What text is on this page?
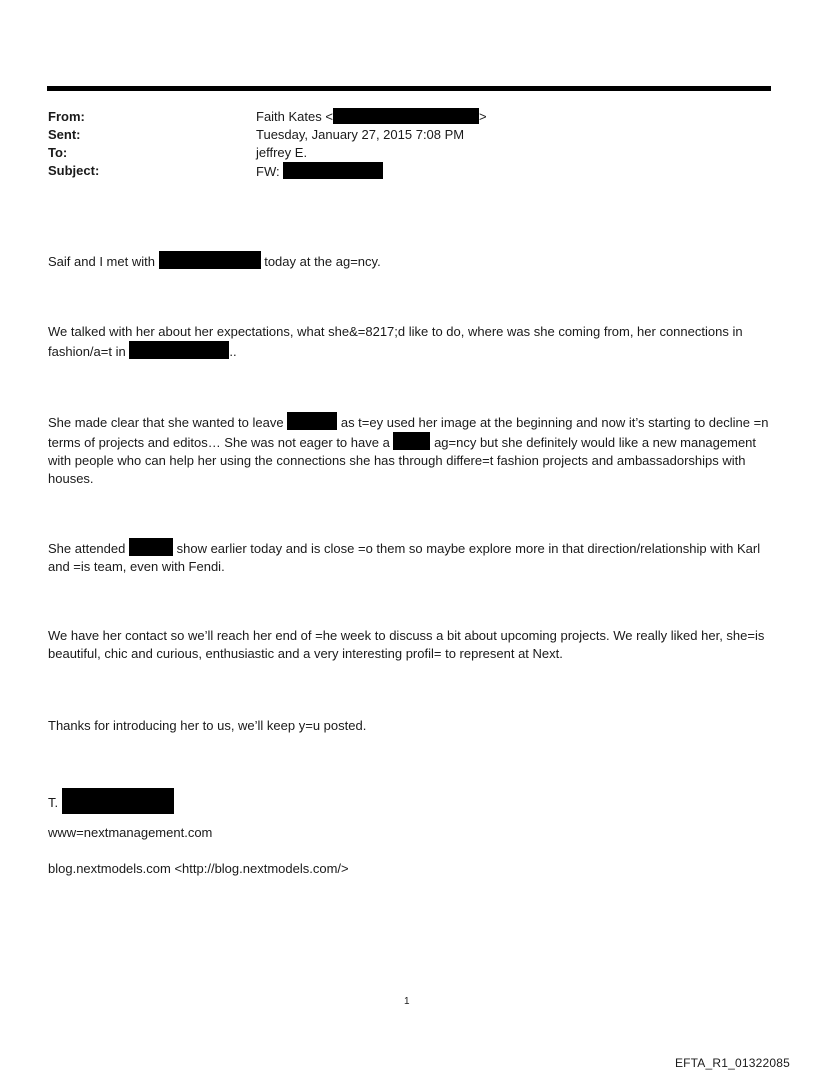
From:	Faith Kates <	>
Sent:	Tuesday, January 27, 2015 7:08 PM
To:	jeffrey E.
Subject:	FW:
Saif and I met with	today at the ag=ncy.
We talked with her about her expectations, what she&=8217;d like to do, where was she coming from, her connections in fashion/a=t in	..
She made clear that she wanted to leave	as t=ey used her image at the beginning and now it’s starting to decline =n terms of projects and editos… She was not eager to have a	ag=ncy but she definitely would like a new management with people who can help her using the connections she has through differe=t fashion projects and ambassadorships with houses.
She attended	show earlier today and is close =o them so maybe explore more in that direction/relationship with Karl and =is team, even with Fendi.
We have her contact so we’ll reach her end of =he week to discuss a bit about upcoming projects. We really liked her, she=is beautiful, chic and curious, enthusiastic and a very interesting profil= to represent at Next.
Thanks for introducing her to us, we’ll keep y=u posted.
T.
www=nextmanagement.com
blog.nextmodels.com <http://blog.nextmodels.com/>
1
EFTA_R1_01322085
